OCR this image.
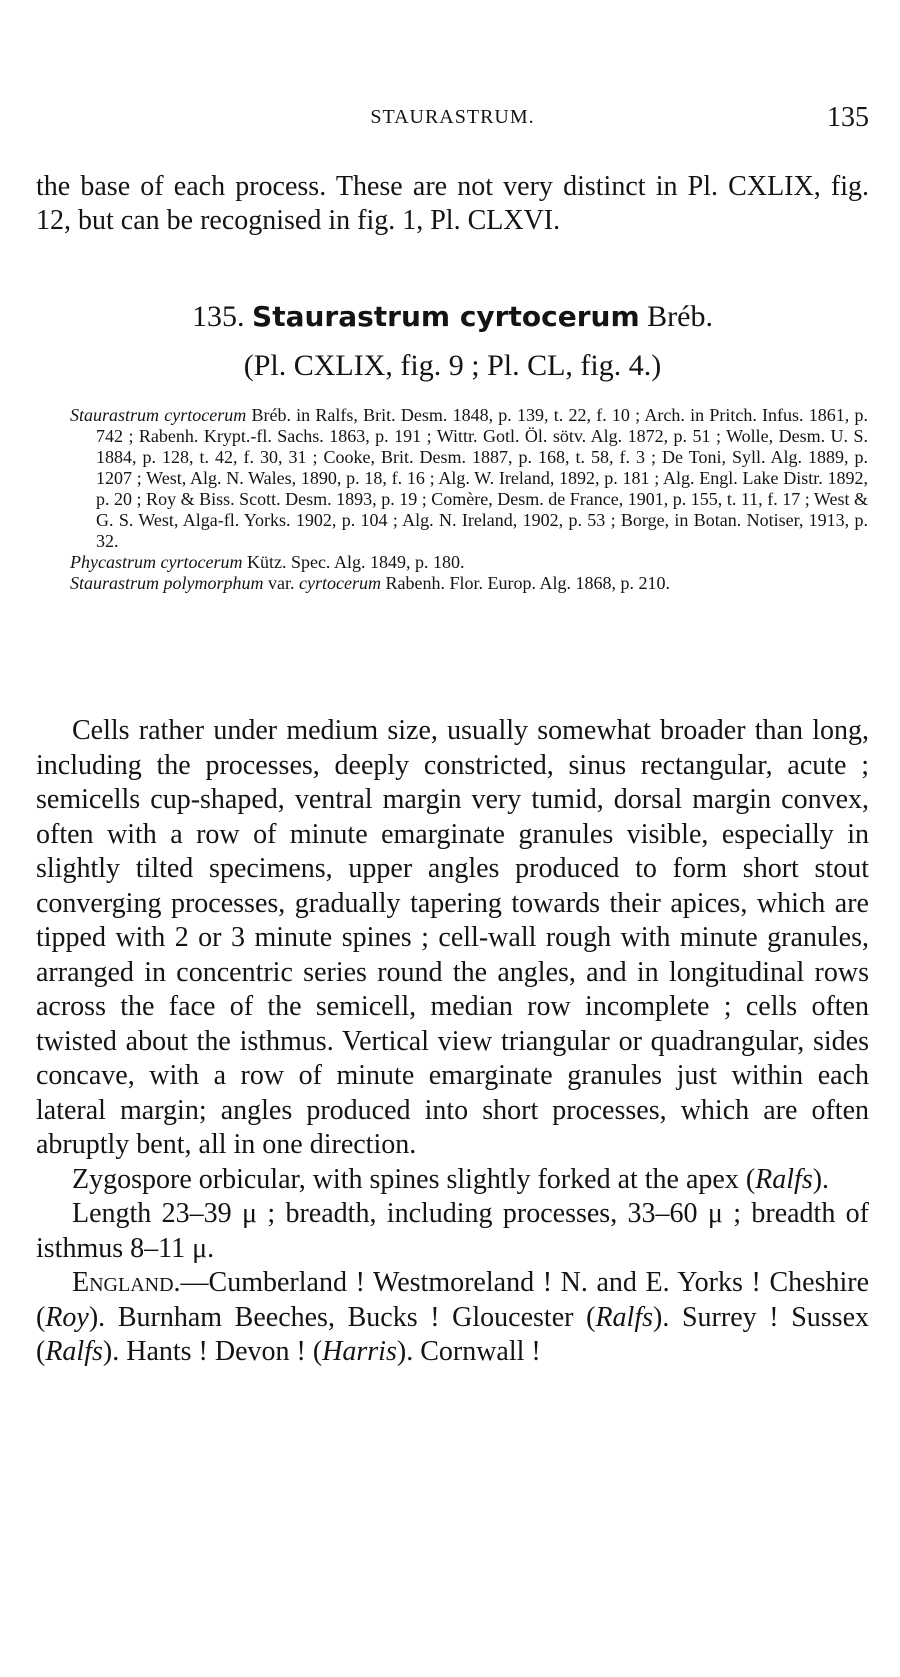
STAURASTRUM.	135
the base of each process. These are not very distinct in Pl. CXLIX, fig. 12, but can be recognised in fig. 1, Pl. CLXVI.
135. Staurastrum cyrtocerum Bréb.
(Pl. CXLIX, fig. 9 ; Pl. CL, fig. 4.)

Staurastrum cyrtocerum Bréb. in Ralfs, Brit. Desm. 1848, p. 139, t. 22, f. 10 ; Arch. in Pritch. Infus. 1861, p. 742 ; Rabenh. Krypt.-fl. Sachs. 1863, p. 191 ; Wittr. Gotl. Öl. sötv. Alg. 1872, p. 51 ; Wolle, Desm. U. S. 1884, p. 128, t. 42, f. 30, 31 ; Cooke, Brit. Desm. 1887, p. 168, t. 58, f. 3 ; De Toni, Syll. Alg. 1889, p. 1207 ; West, Alg. N. Wales, 1890, p. 18, f. 16 ; Alg. W. Ireland, 1892, p. 181 ; Alg. Engl. Lake Distr. 1892, p. 20 ; Roy & Biss. Scott. Desm. 1893, p. 19 ; Comère, Desm. de France, 1901, p. 155, t. 11, f. 17 ; West & G. S. West, Alga-fl. Yorks. 1902, p. 104 ; Alg. N. Ireland, 1902, p. 53 ; Borge, in Botan. Notiser, 1913, p. 32.

Phycastrum cyrtocerum Kütz. Spec. Alg. 1849, p. 180.

Staurastrum polymorphum var. cyrtocerum Rabenh. Flor. Europ. Alg. 1868, p. 210.

Cells rather under medium size, usually somewhat broader than long, including the processes, deeply constricted, sinus rectangular, acute ; semicells cup-shaped, ventral margin very tumid, dorsal margin convex, often with a row of minute emarginate granules visible, especially in slightly tilted specimens, upper angles produced to form short stout converging processes, gradually tapering towards their apices, which are tipped with 2 or 3 minute spines ; cell-wall rough with minute granules, arranged in concentric series round the angles, and in longitudinal rows across the face of the semicell, median row incomplete ; cells often twisted about the isthmus. Vertical view triangular or quadrangular, sides concave, with a row of minute emarginate granules just within each lateral margin; angles produced into short processes, which are often abruptly bent, all in one direction.

Zygospore orbicular, with spines slightly forked at the apex (Ralfs).

Length 23–39 μ ; breadth, including processes, 33–60 μ ; breadth of isthmus 8–11 μ.

England.—Cumberland ! Westmoreland ! N. and E. Yorks ! Cheshire (Roy). Burnham Beeches, Bucks ! Gloucester (Ralfs). Surrey ! Sussex (Ralfs). Hants ! Devon ! (Harris). Cornwall !
